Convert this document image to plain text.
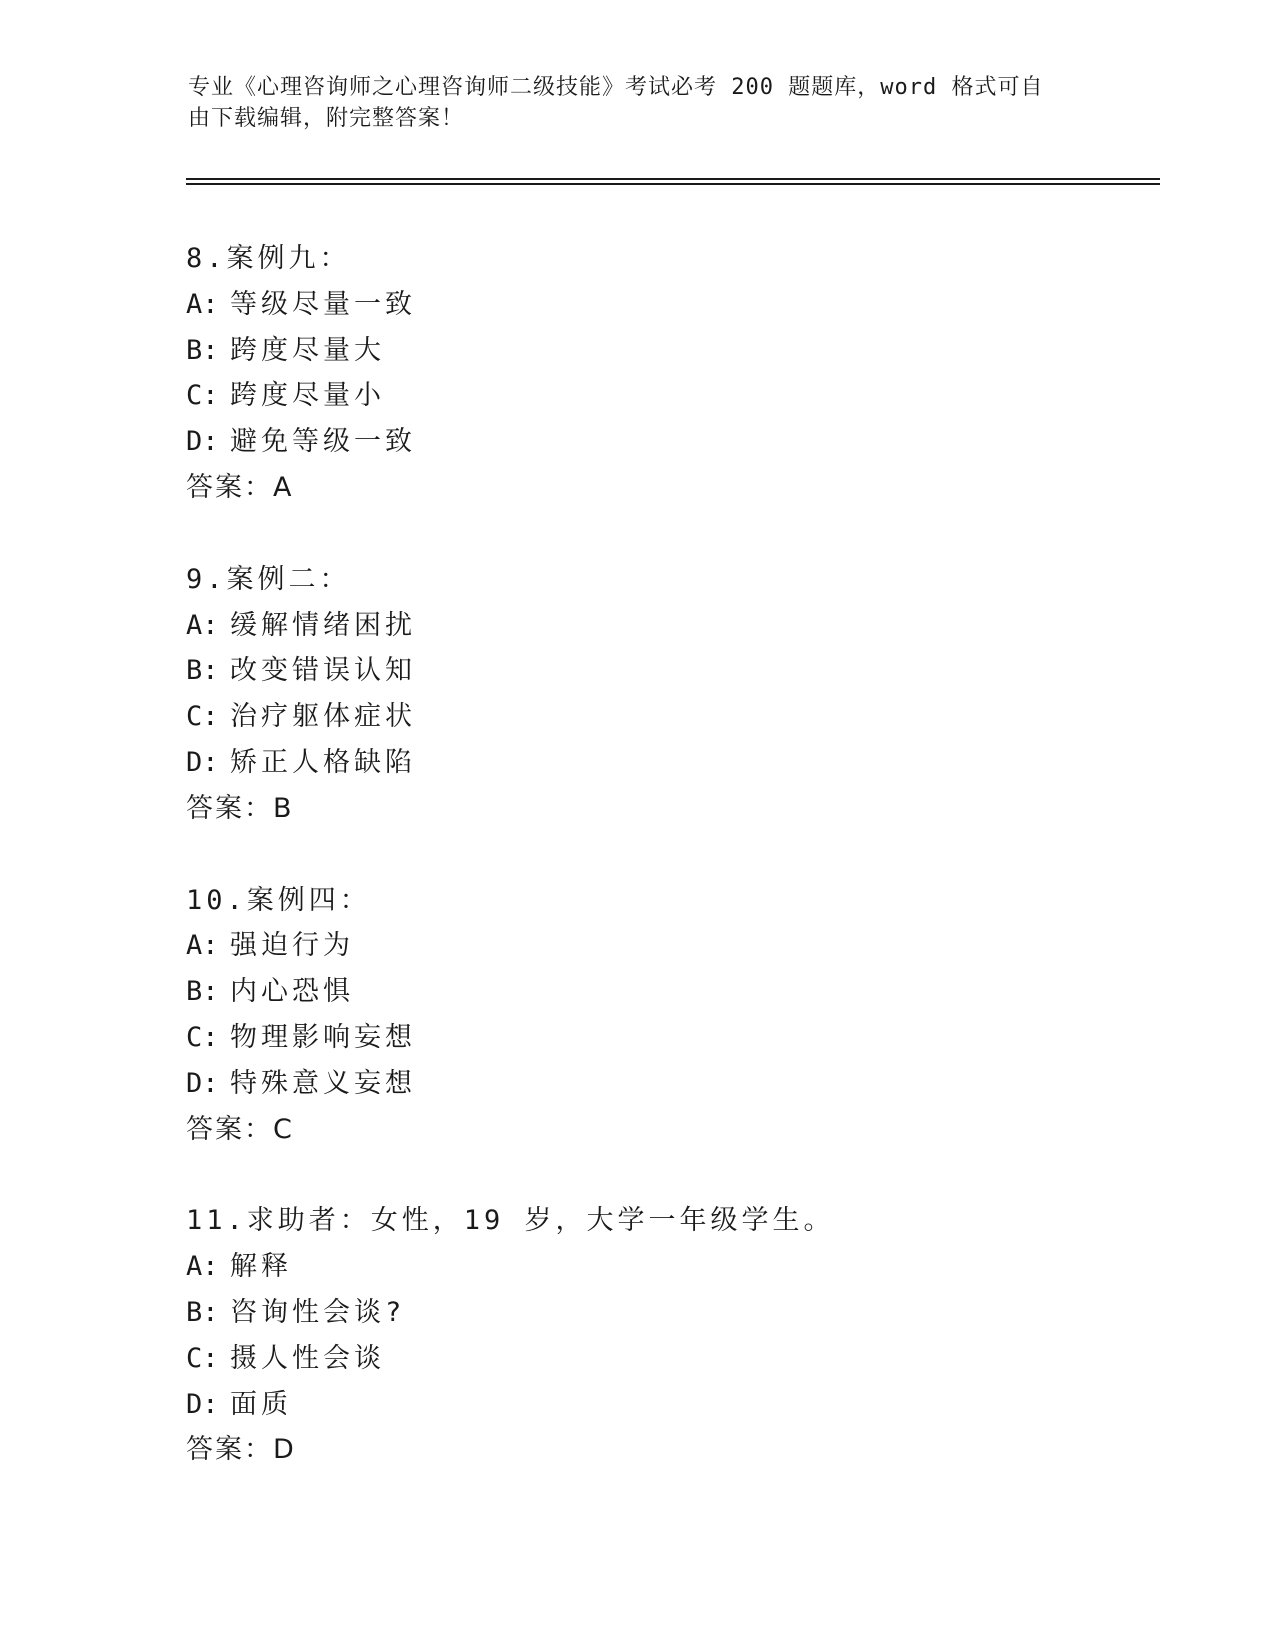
专业《心理咨询师之心理咨询师二级技能》考试必考 200 题题库，word 格式可自
由下载编辑，附完整答案！
8.案例九：
A: 等级尽量一致
B: 跨度尽量大
C: 跨度尽量小
D: 避免等级一致
答案：A
9.案例二：
A: 缓解情绪困扰
B: 改变错误认知
C: 治疗躯体症状
D: 矫正人格缺陷
答案：B
10.案例四：
A: 强迫行为
B: 内心恐惧
C: 物理影响妄想
D: 特殊意义妄想
答案：C
11.求助者：女性，19 岁，大学一年级学生。
A: 解释
B: 咨询性会谈?
C: 摄人性会谈
D: 面质
答案：D
